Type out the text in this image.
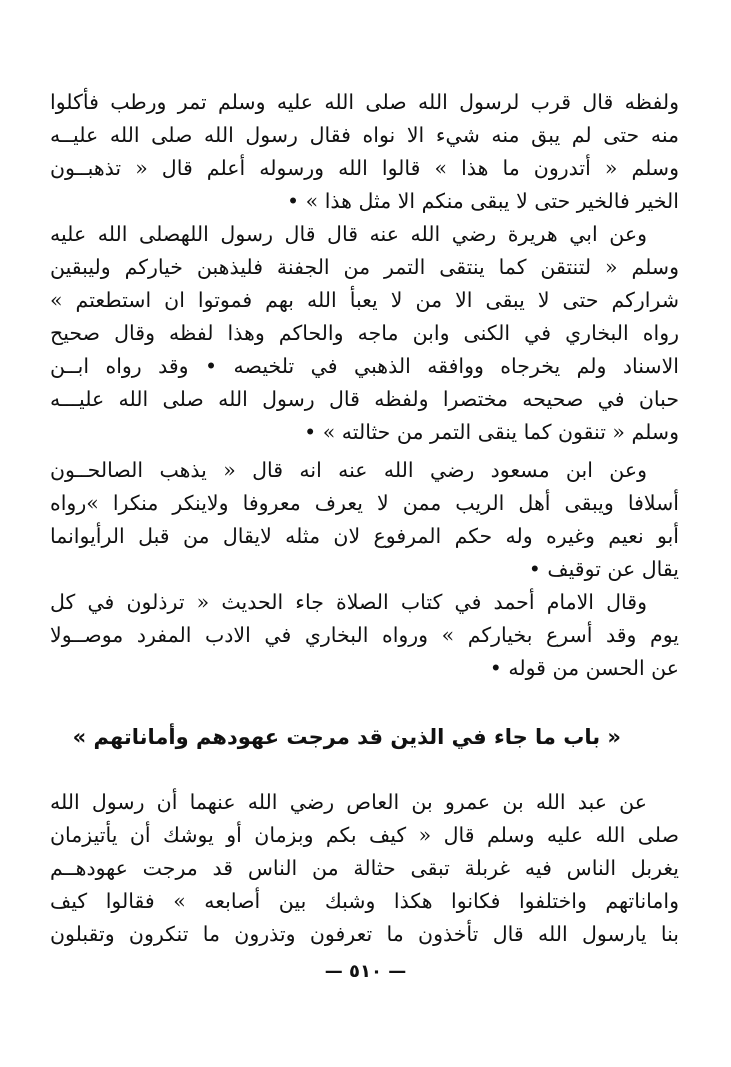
ولفظه قال قرب لرسول الله صلى الله عليه وسلم تمر ورطب فأكلوا
منه حتى لم يبق منه شيء الا نواه فقال رسول الله صلى الله عليــه
وسلم « أتدرون ما هذا » قالوا الله ورسوله أعلم قال « تذهبــون
الخير فالخير حتى لا يبقى منكم الا مثل هذا » •
وعن ابي هريرة رضي الله عنه قال قال رسول اللهصلى الله عليه
وسلم « لتنتقن كما ينتقى التمر من الجفنة فليذهبن خياركم وليبقين
شراركم حتى لا يبقى الا من لا يعبأ الله بهم فموتوا ان استطعتم »
رواه البخاري في الكنى وابن ماجه والحاكم وهذا لفظه وقال صحيح
الاسناد ولم يخرجاه ووافقه الذهبي في تلخيصه • وقد رواه ابــن
حبان في صحيحه مختصرا ولفظه قال رسول الله صلى الله عليـــه
وسلم « تنقون كما ينقى التمر من حثالته » •
وعن ابن مسعود رضي الله عنه انه قال « يذهب الصالحــون
أسلافا ويبقى أهل الريب ممن لا يعرف معروفا ولاينكر منكرا »رواه
أبو نعيم وغيره وله حكم المرفوع لان مثله لايقال من قبل الرأيوانما
يقال عن توقيف •
وقال الامام أحمد في كتاب الصلاة جاء الحديث « ترذلون في كل
يوم وقد أسرع بخياركم » ورواه البخاري في الادب المفرد موصــولا
عن الحسن من قوله •
« باب ما جاء في الذين قد مرجت عهودهم وأماناتهم »
عن عبد الله بن عمرو بن العاص رضي الله عنهما أن رسول الله
صلى الله عليه وسلم قال « كيف بكم وبزمان أو يوشك أن يأتيزمان
يغربل الناس فيه غربلة تبقى حثالة من الناس قد مرجت عهودهــم
واماناتهم واختلفوا فكانوا هكذا وشبك بين أصابعه » فقالوا كيف
بنا يارسول الله قال تأخذون ما تعرفون وتذرون ما تنكرون وتقبلون
— ٥١٠ —
